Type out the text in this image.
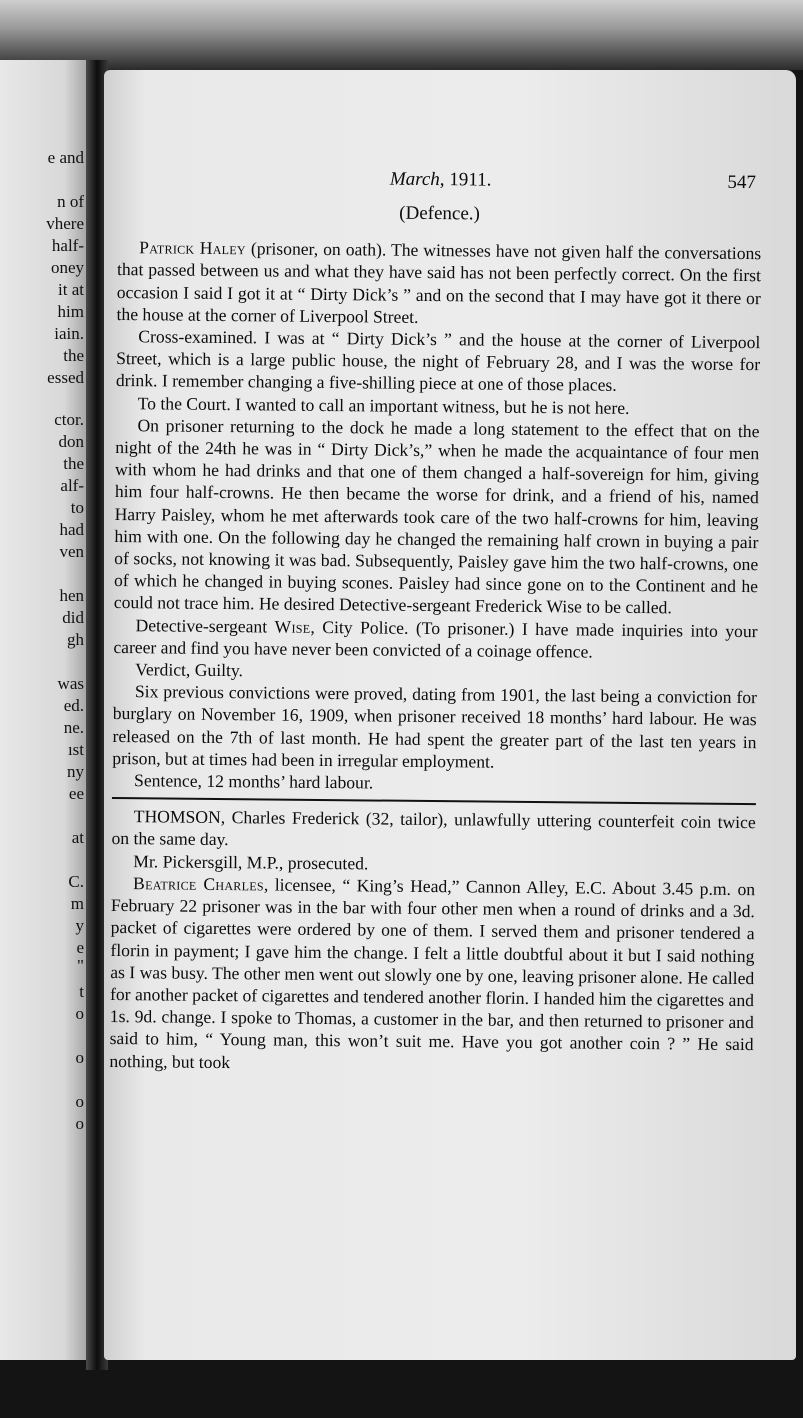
e and
n of
vhere
half-
oney
it at
him
iain.
the
essed
ctor.
don
the
alf-
to
had
ven
hen
did
gh
was
ed.
ne.
ıst
ny
ee
at
C.
m
y
e
"
t
o
o
o
o
March, 1911.	547
(Defence.)

Patrick Haley (prisoner, on oath). The witnesses have not given half the conversations that passed between us and what they have said has not been perfectly correct. On the first occasion I said I got it at “ Dirty Dick’s ” and on the second that I may have got it there or the house at the corner of Liverpool Street.

Cross-examined. I was at “ Dirty Dick’s ” and the house at the corner of Liverpool Street, which is a large public house, the night of February 28, and I was the worse for drink. I remember changing a five-shilling piece at one of those places.

To the Court. I wanted to call an important witness, but he is not here.

On prisoner returning to the dock he made a long statement to the effect that on the night of the 24th he was in “ Dirty Dick’s,” when he made the acquaintance of four men with whom he had drinks and that one of them changed a half-sovereign for him, giving him four half-crowns. He then became the worse for drink, and a friend of his, named Harry Paisley, whom he met afterwards took care of the two half-crowns for him, leaving him with one. On the following day he changed the remaining half crown in buying a pair of socks, not knowing it was bad. Subsequently, Paisley gave him the two half-crowns, one of which he changed in buying scones. Paisley had since gone on to the Continent and he could not trace him. He desired Detective-sergeant Frederick Wise to be called.

Detective-sergeant Wise, City Police. (To prisoner.) I have made inquiries into your career and find you have never been convicted of a coinage offence.

Verdict, Guilty.

Six previous convictions were proved, dating from 1901, the last being a conviction for burglary on November 16, 1909, when prisoner received 18 months’ hard labour. He was released on the 7th of last month. He had spent the greater part of the last ten years in prison, but at times had been in irregular employment.

Sentence, 12 months’ hard labour.

THOMSON, Charles Frederick (32, tailor), unlawfully uttering counterfeit coin twice on the same day.

Mr. Pickersgill, M.P., prosecuted.

Beatrice Charles, licensee, “ King’s Head,” Cannon Alley, E.C. About 3.45 p.m. on February 22 prisoner was in the bar with four other men when a round of drinks and a 3d. packet of cigarettes were ordered by one of them. I served them and prisoner tendered a florin in payment; I gave him the change. I felt a little doubtful about it but I said nothing as I was busy. The other men went out slowly one by one, leaving prisoner alone. He called for another packet of cigarettes and tendered another florin. I handed him the cigarettes and 1s. 9d. change. I spoke to Thomas, a customer in the bar, and then returned to prisoner and said to him, “ Young man, this won’t suit me. Have you got another coin ? ” He said nothing, but took
